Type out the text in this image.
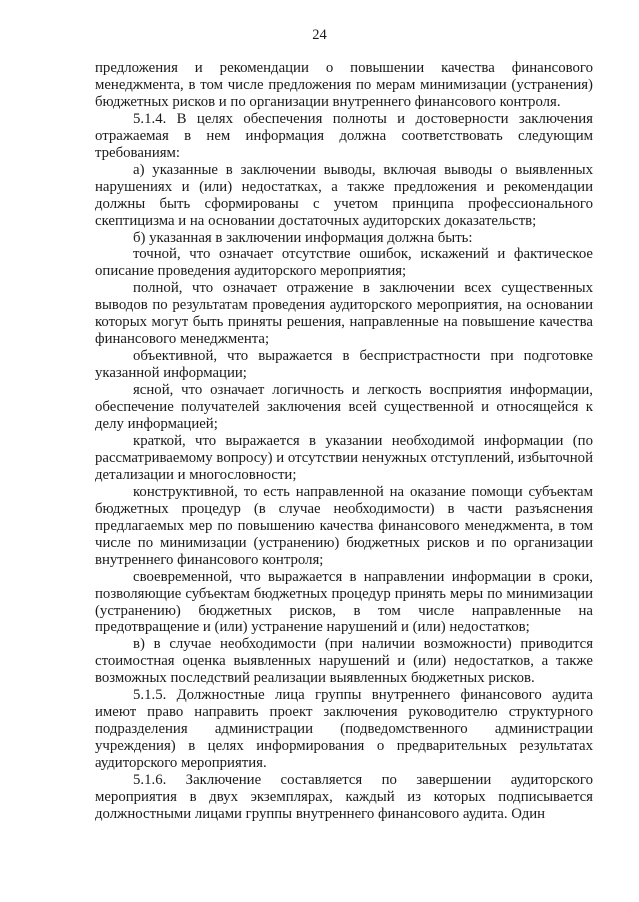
24

предложения и рекомендации о повышении качества финансового менеджмента, в том числе предложения по мерам минимизации (устранения) бюджетных рисков и по организации внутреннего финансового контроля.

5.1.4. В целях обеспечения полноты и достоверности заключения отражаемая в нем информация должна соответствовать следующим требованиям:

а) указанные в заключении выводы, включая выводы о выявленных нарушениях и (или) недостатках, а также предложения и рекомендации должны быть сформированы с учетом принципа профессионального скептицизма и на основании достаточных аудиторских доказательств;

б) указанная в заключении информация должна быть:

точной, что означает отсутствие ошибок, искажений и фактическое описание проведения аудиторского мероприятия;

полной, что означает отражение в заключении всех существенных выводов по результатам проведения аудиторского мероприятия, на основании которых могут быть приняты решения, направленные на повышение качества финансового менеджмента;

объективной, что выражается в беспристрастности при подготовке указанной информации;

ясной, что означает логичность и легкость восприятия информации, обеспечение получателей заключения всей существенной и относящейся к делу информацией;

краткой, что выражается в указании необходимой информации (по рассматриваемому вопросу) и отсутствии ненужных отступлений, избыточной детализации и многословности;

конструктивной, то есть направленной на оказание помощи субъектам бюджетных процедур (в случае необходимости) в части разъяснения предлагаемых мер по повышению качества финансового менеджмента, в том числе по минимизации (устранению) бюджетных рисков и по организации внутреннего финансового контроля;

своевременной, что выражается в направлении информации в сроки, позволяющие субъектам бюджетных процедур принять меры по минимизации (устранению) бюджетных рисков, в том числе направленные на предотвращение и (или) устранение нарушений и (или) недостатков;

в) в случае необходимости (при наличии возможности) приводится стоимостная оценка выявленных нарушений и (или) недостатков, а также возможных последствий реализации выявленных бюджетных рисков.

5.1.5. Должностные лица группы внутреннего финансового аудита имеют право направить проект заключения руководителю структурного подразделения администрации (подведомственного администрации учреждения) в целях информирования о предварительных результатах аудиторского мероприятия.

5.1.6. Заключение составляется по завершении аудиторского мероприятия в двух экземплярах, каждый из которых подписывается должностными лицами группы внутреннего финансового аудита. Один
